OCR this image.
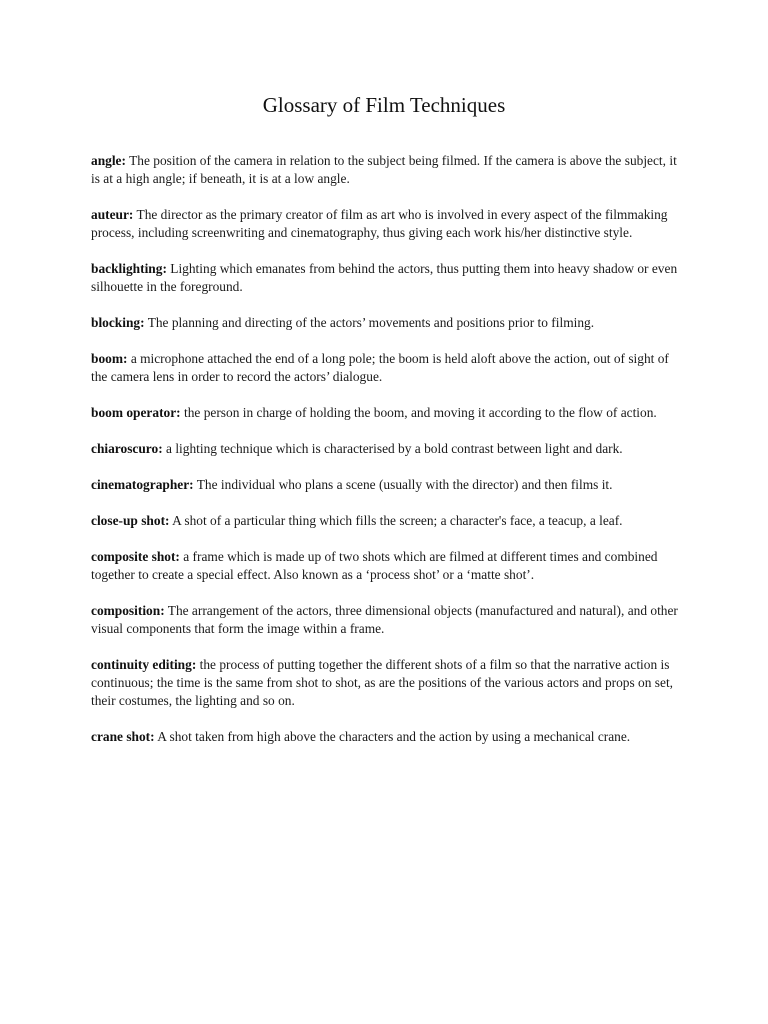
Glossary of Film Techniques

angle: The position of the camera in relation to the subject being filmed. If the camera is above the subject, it is at a high angle; if beneath, it is at a low angle.

auteur: The director as the primary creator of film as art who is involved in every aspect of the filmmaking process, including screenwriting and cinematography, thus giving each work his/her distinctive style.

backlighting: Lighting which emanates from behind the actors, thus putting them into heavy shadow or even silhouette in the foreground.

blocking: The planning and directing of the actors’ movements and positions prior to filming.

boom: a microphone attached the end of a long pole; the boom is held aloft above the action, out of sight of the camera lens in order to record the actors’ dialogue.

boom operator: the person in charge of holding the boom, and moving it according to the flow of action.

chiaroscuro: a lighting technique which is characterised by a bold contrast between light and dark.

cinematographer: The individual who plans a scene (usually with the director) and then films it.

close-up shot: A shot of a particular thing which fills the screen; a character's face, a teacup, a leaf.

composite shot: a frame which is made up of two shots which are filmed at different times and combined together to create a special effect. Also known as a ‘process shot’ or a ‘matte shot’.

composition: The arrangement of the actors, three dimensional objects (manufactured and natural), and other visual components that form the image within a frame.

continuity editing: the process of putting together the different shots of a film so that the narrative action is continuous; the time is the same from shot to shot, as are the positions of the various actors and props on set, their costumes, the lighting and so on.

crane shot: A shot taken from high above the characters and the action by using a mechanical crane.
